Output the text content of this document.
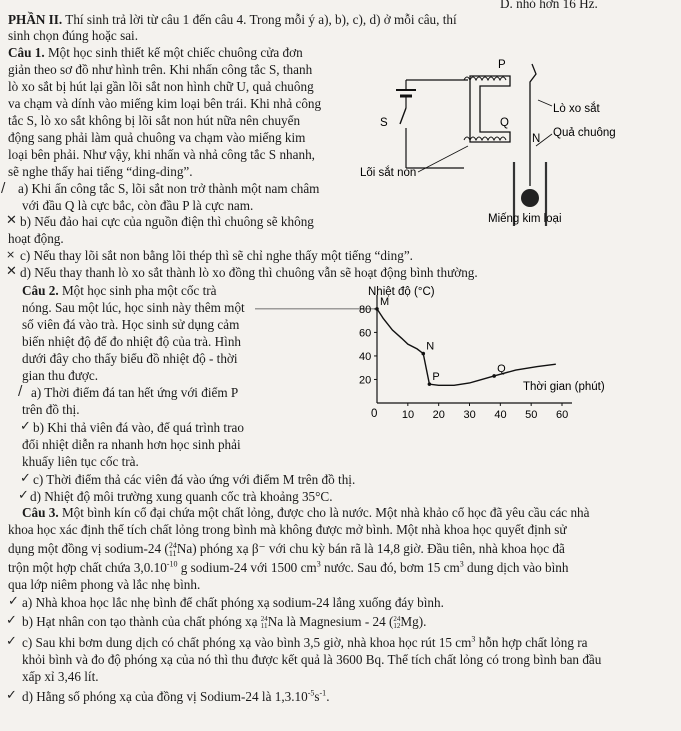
D. nhỏ hơn 16 Hz.
PHẦN II. Thí sinh trả lời từ câu 1 đến câu 4. Trong mỗi ý a), b), c), d) ở mỗi câu, thí
sinh chọn đúng hoặc sai.
Câu 1. Một học sinh thiết kế một chiếc chuông cửa đơn
giản theo sơ đồ như hình trên. Khi nhấn công tắc S, thanh
lò xo sắt bị hút lại gần lõi sắt non hình chữ U, quả chuông
va chạm và dính vào miếng kim loại bên trái. Khi nhả công
tắc S, lò xo sắt không bị lõi sắt non hút nữa nên chuyển
động sang phải làm quả chuông va chạm vào miếng kim
loại bên phải. Như vậy, khi nhấn và nhả công tắc S nhanh,
sẽ nghe thấy hai tiếng “ding-ding”.
/ a) Khi ấn công tắc S, lõi sắt non trở thành một nam châm
với đầu Q là cực bắc, còn đầu P là cực nam.
✕ b) Nếu đảo hai cực của nguồn điện thì chuông sẽ không
hoạt động.
⨯ c) Nếu thay lõi sắt non bằng lõi thép thì sẽ chỉ nghe thấy một tiếng “ding”.
✕ d) Nếu thay thanh lò xo sắt thành lò xo đồng thì chuông vẫn sẽ hoạt động bình thường.
S
P
Q
N
Lò xo sắt
Quả chuông
Lõi sắt non
Miếng kim loại
Câu 2. Một học sinh pha một cốc trà
nóng. Sau một lúc, học sinh này thêm một
số viên đá vào trà. Học sinh sử dụng cảm
biến nhiệt độ để đo nhiệt độ của trà. Hình
dưới đây cho thấy biểu đồ nhiệt độ - thời
gian thu được.
/ a) Thời điểm đá tan hết ứng với điểm P
trên đồ thị.
✓ b) Khi thả viên đá vào, để quá trình trao
đổi nhiệt diễn ra nhanh hơn học sinh phải
khuấy liên tục cốc trà.
✓ c) Thời điểm thả các viên đá vào ứng với điểm M trên đồ thị.
✓ d) Nhiệt độ môi trường xung quanh cốc trà khoảng 35°C.
Nhiệt độ (°C)
Thời gian (phút)
0
20
40
60
80
10 20 30 40 50 60
M
N
P
Q
Câu 3. Một bình kín cổ đại chứa một chất lỏng, được cho là nước. Một nhà khảo cổ học đã yêu cầu các nhà
khoa học xác định thể tích chất lỏng trong bình mà không được mở bình. Một nhà khoa học quyết định sử
dụng một đồng vị sodium-24 ( 24
11 Na) phóng xạ β⁻ với chu kỳ bán rã là 14,8 giờ. Đầu tiên, nhà khoa học đã
trộn một hợp chất chứa $3,0.10^{-10}$ g sodium-24 với 1500 $cm^3$ nước. Sau đó, bơm 15 $cm^3$ dung dịch vào bình
qua lớp niêm phong và lắc nhẹ bình.
✓ a) Nhà khoa học lắc nhẹ bình để chất phóng xạ sodium-24 lắng xuống đáy bình.
✓ b) Hạt nhân con tạo thành của chất phóng xạ 24
11 Na là Magnesium - 24 ( 24
12 Mg).
✓ c) Sau khi bơm dung dịch có chất phóng xạ vào bình 3,5 giờ, nhà khoa học rút 15 $cm^3$ hỗn hợp chất lỏng ra
khỏi bình và đo độ phóng xạ của nó thì thu được kết quả là 3600 Bq. Thể tích chất lỏng có trong bình ban đầu
xấp xỉ 3,46 lít.
✓ d) Hằng số phóng xạ của đồng vị Sodium-24 là $1,3.10^{-5}s^{-1}$.
